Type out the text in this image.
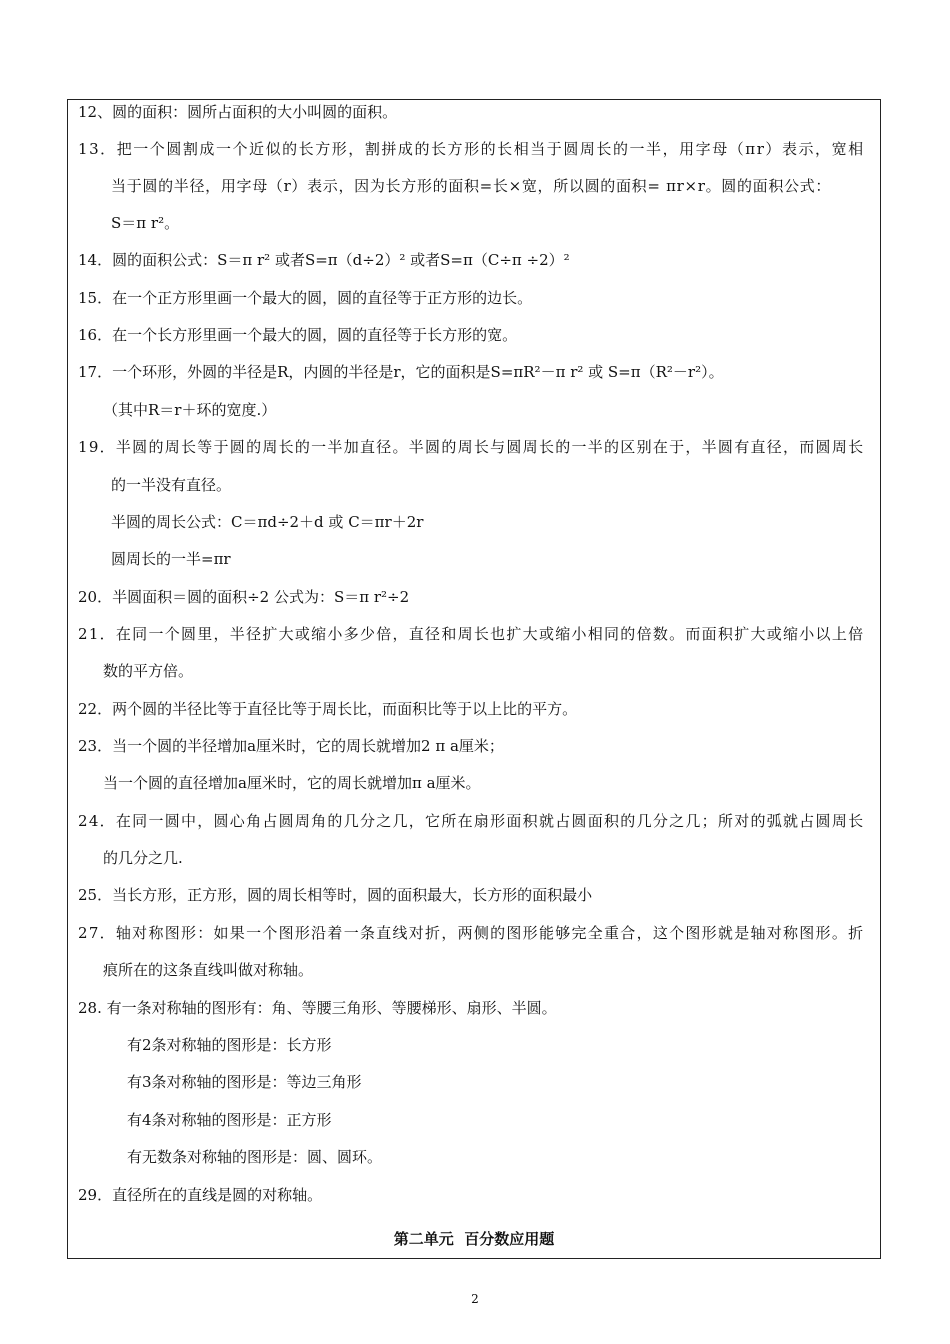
12、圆的面积：圆所占面积的大小叫圆的面积。
13．把一个圆割成一个近似的长方形，割拼成的长方形的长相当于圆周长的一半，用字母（πr）表示，宽相
当于圆的半径，用字母（r）表示，因为长方形的面积=长×宽，所以圆的面积= πr×r。圆的面积公式：
S＝π r²。
14．圆的面积公式：S＝π r² 或者S=π（d÷2）² 或者S=π（C÷π ÷2）²
15．在一个正方形里画一个最大的圆，圆的直径等于正方形的边长。
16．在一个长方形里画一个最大的圆，圆的直径等于长方形的宽。
17．一个环形，外圆的半径是R，内圆的半径是r，它的面积是S=πR²－π r² 或 S=π（R²－r²）。
（其中R＝r＋环的宽度.）
19．半圆的周长等于圆的周长的一半加直径。半圆的周长与圆周长的一半的区别在于，半圆有直径，而圆周长
的一半没有直径。
半圆的周长公式：C＝πd÷2＋d 或 C＝πr＋2r
圆周长的一半=πr
20．半圆面积＝圆的面积÷2 公式为：S＝π r²÷2
21．在同一个圆里，半径扩大或缩小多少倍，直径和周长也扩大或缩小相同的倍数。而面积扩大或缩小以上倍
数的平方倍。
22．两个圆的半径比等于直径比等于周长比，而面积比等于以上比的平方。
23．当一个圆的半径增加a厘米时，它的周长就增加2 π a厘米；
当一个圆的直径增加a厘米时，它的周长就增加π a厘米。
24．在同一圆中，圆心角占圆周角的几分之几，它所在扇形面积就占圆面积的几分之几；所对的弧就占圆周长
的几分之几.
25．当长方形，正方形，圆的周长相等时，圆的面积最大，长方形的面积最小
27．轴对称图形：如果一个图形沿着一条直线对折，两侧的图形能够完全重合，这个图形就是轴对称图形。折
痕所在的这条直线叫做对称轴。
28. 有一条对称轴的图形有：角、等腰三角形、等腰梯形、扇形、半圆。
有2条对称轴的图形是：长方形
有3条对称轴的图形是：等边三角形
有4条对称轴的图形是：正方形
有无数条对称轴的图形是：圆、圆环。
29．直径所在的直线是圆的对称轴。
第二单元  百分数应用题
2
